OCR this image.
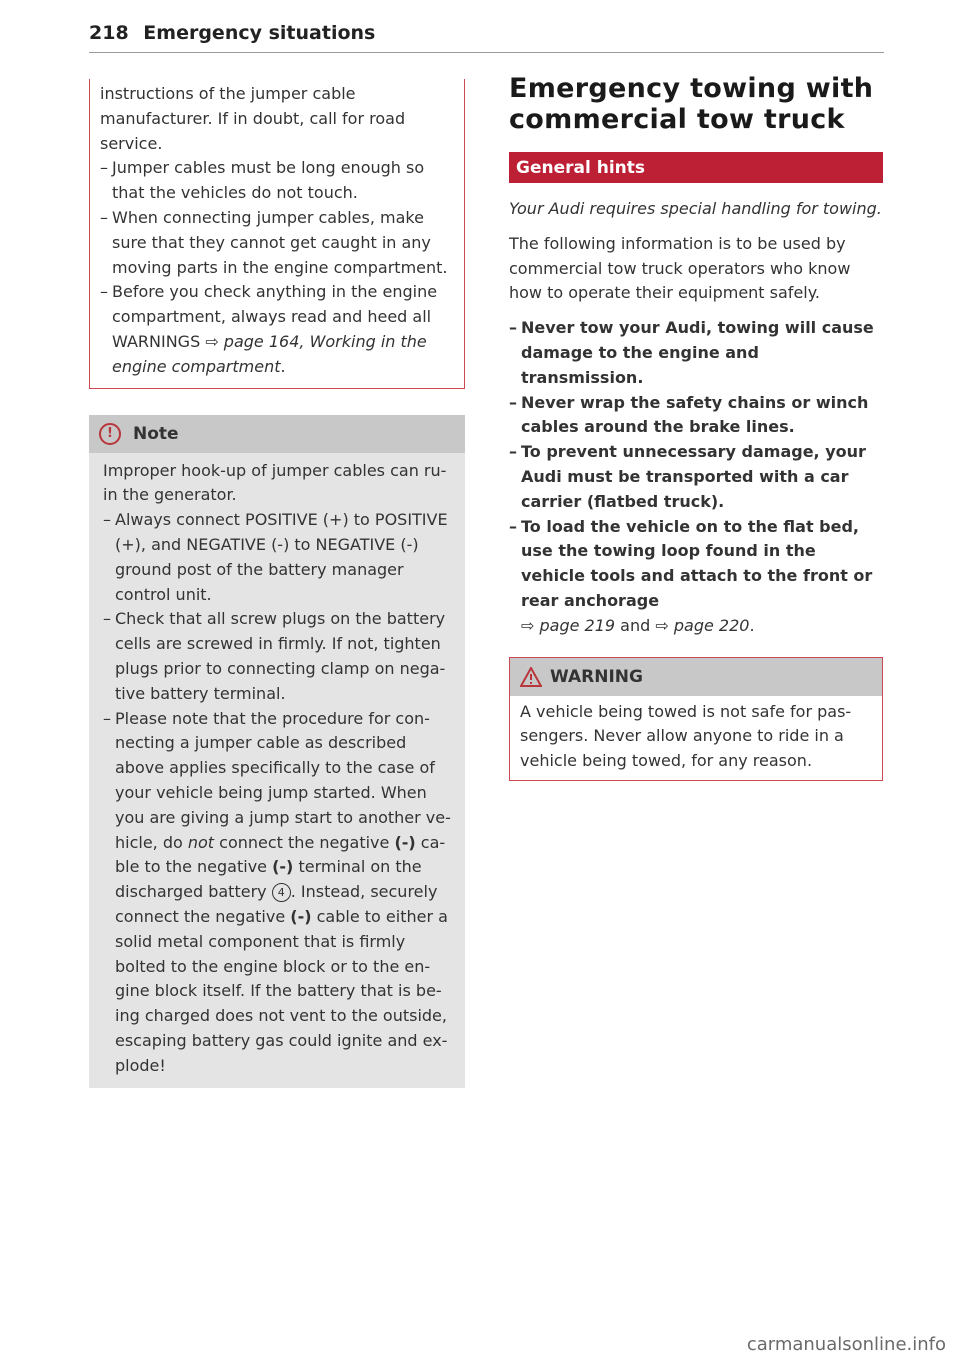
218 Emergency situations
instructions of the jumper cable manufacturer. If in doubt, call for road service.
– Jumper cables must be long enough so that the vehicles do not touch.
– When connecting jumper cables, make sure that they cannot get caught in any moving parts in the engine compartment.
– Before you check anything in the engine compartment, always read and heed all WARNINGS ⇨ page 164, Working in the engine compartment.
!	Note
Improper hook-up of jumper cables can ruin the generator.
– Always connect POSITIVE (+) to POSITIVE (+), and NEGATIVE (-) to NEGATIVE (-) ground post of the battery manager control unit.
– Check that all screw plugs on the battery cells are screwed in firmly. If not, tighten plugs prior to connecting clamp on negative battery terminal.
– Please note that the procedure for connecting a jumper cable as described above applies specifically to the case of your vehicle being jump started. When you are giving a jump start to another vehicle, do not connect the negative (-) cable to the negative (-) terminal on the discharged battery 4 . Instead, securely connect the negative (-) cable to either a solid metal component that is firmly bolted to the engine block or to the engine block itself. If the battery that is being charged does not vent to the outside, escaping battery gas could ignite and explode!
Emergency towing with commercial tow truck
General hints
Your Audi requires special handling for towing.
The following information is to be used by commercial tow truck operators who know how to operate their equipment safely.
– Never tow your Audi, towing will cause damage to the engine and transmission.
– Never wrap the safety chains or winch cables around the brake lines.
– To prevent unnecessary damage, your Audi must be transported with a car carrier (flatbed truck).
– To load the vehicle on to the flat bed, use the towing loop found in the vehicle tools and attach to the front or rear anchorage
⇨ page 219 and ⇨ page 220.
WARNING
A vehicle being towed is not safe for passengers. Never allow anyone to ride in a vehicle being towed, for any reason.
carmanualsonline.info
